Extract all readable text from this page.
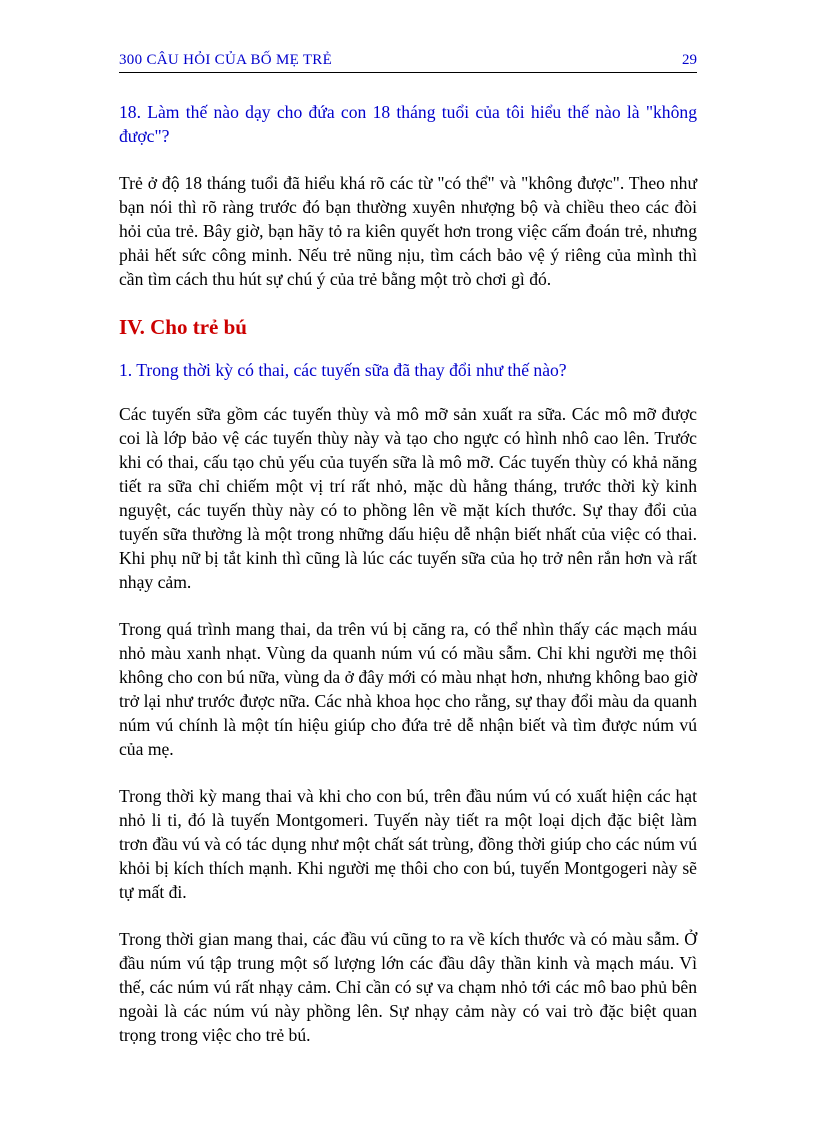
300 CÂU HỎI CỦA BỐ MẸ TRẺ	29

18. Làm thế nào dạy cho đứa con 18 tháng tuổi của tôi hiểu thế nào là "không được"?

Trẻ ở độ 18 tháng tuổi đã hiểu khá rõ các từ "có thể" và "không được". Theo như bạn nói thì rõ ràng trước đó bạn thường xuyên nhượng bộ và chiều theo các đòi hỏi của trẻ. Bây giờ, bạn hãy tỏ ra kiên quyết hơn trong việc cấm đoán trẻ, nhưng phải hết sức công minh. Nếu trẻ nũng nịu, tìm cách bảo vệ ý riêng của mình thì cần tìm cách thu hút sự chú ý của trẻ bằng một trò chơi gì đó.

IV. Cho trẻ bú

1. Trong thời kỳ có thai, các tuyến sữa đã thay đổi như thế nào?

Các tuyến sữa gồm các tuyến thùy và mô mỡ sản xuất ra sữa. Các mô mỡ được coi là lớp bảo vệ các tuyến thùy này và tạo cho ngực có hình nhô cao lên. Trước khi có thai, cấu tạo chủ yếu của tuyến sữa là mô mỡ. Các tuyến thùy có khả năng tiết ra sữa chỉ chiếm một vị trí rất nhỏ, mặc dù hằng tháng, trước thời kỳ kinh nguyệt, các tuyến thùy này có to phồng lên về mặt kích thước. Sự thay đổi của tuyến sữa thường là một trong những dấu hiệu dễ nhận biết nhất của việc có thai. Khi phụ nữ bị tắt kinh thì cũng là lúc các tuyến sữa của họ trở nên rắn hơn và rất nhạy cảm.

Trong quá trình mang thai, da trên vú bị căng ra, có thể nhìn thấy các mạch máu nhỏ màu xanh nhạt. Vùng da quanh núm vú có mầu sẫm. Chỉ khi người mẹ thôi không cho con bú nữa, vùng da ở đây mới có màu nhạt hơn, nhưng không bao giờ trở lại như trước được nữa. Các nhà khoa học cho rằng, sự thay đổi màu da quanh núm vú chính là một tín hiệu giúp cho đứa trẻ dễ nhận biết và tìm được núm vú của mẹ.

Trong thời kỳ mang thai và khi cho con bú, trên đầu núm vú có xuất hiện các hạt nhỏ li ti, đó là tuyến Montgomeri. Tuyến này tiết ra một loại dịch đặc biệt làm trơn đầu vú và có tác dụng như một chất sát trùng, đồng thời giúp cho các núm vú khỏi bị kích thích mạnh. Khi người mẹ thôi cho con bú, tuyến Montgogeri này sẽ tự mất đi.

Trong thời gian mang thai, các đầu vú cũng to ra về kích thước và có màu sẫm. Ở đầu núm vú tập trung một số lượng lớn các đầu dây thần kinh và mạch máu. Vì thế, các núm vú rất nhạy cảm. Chỉ cần có sự va chạm nhỏ tới các mô bao phủ bên ngoài là các núm vú này phồng lên. Sự nhạy cảm này có vai trò đặc biệt quan trọng trong việc cho trẻ bú.
